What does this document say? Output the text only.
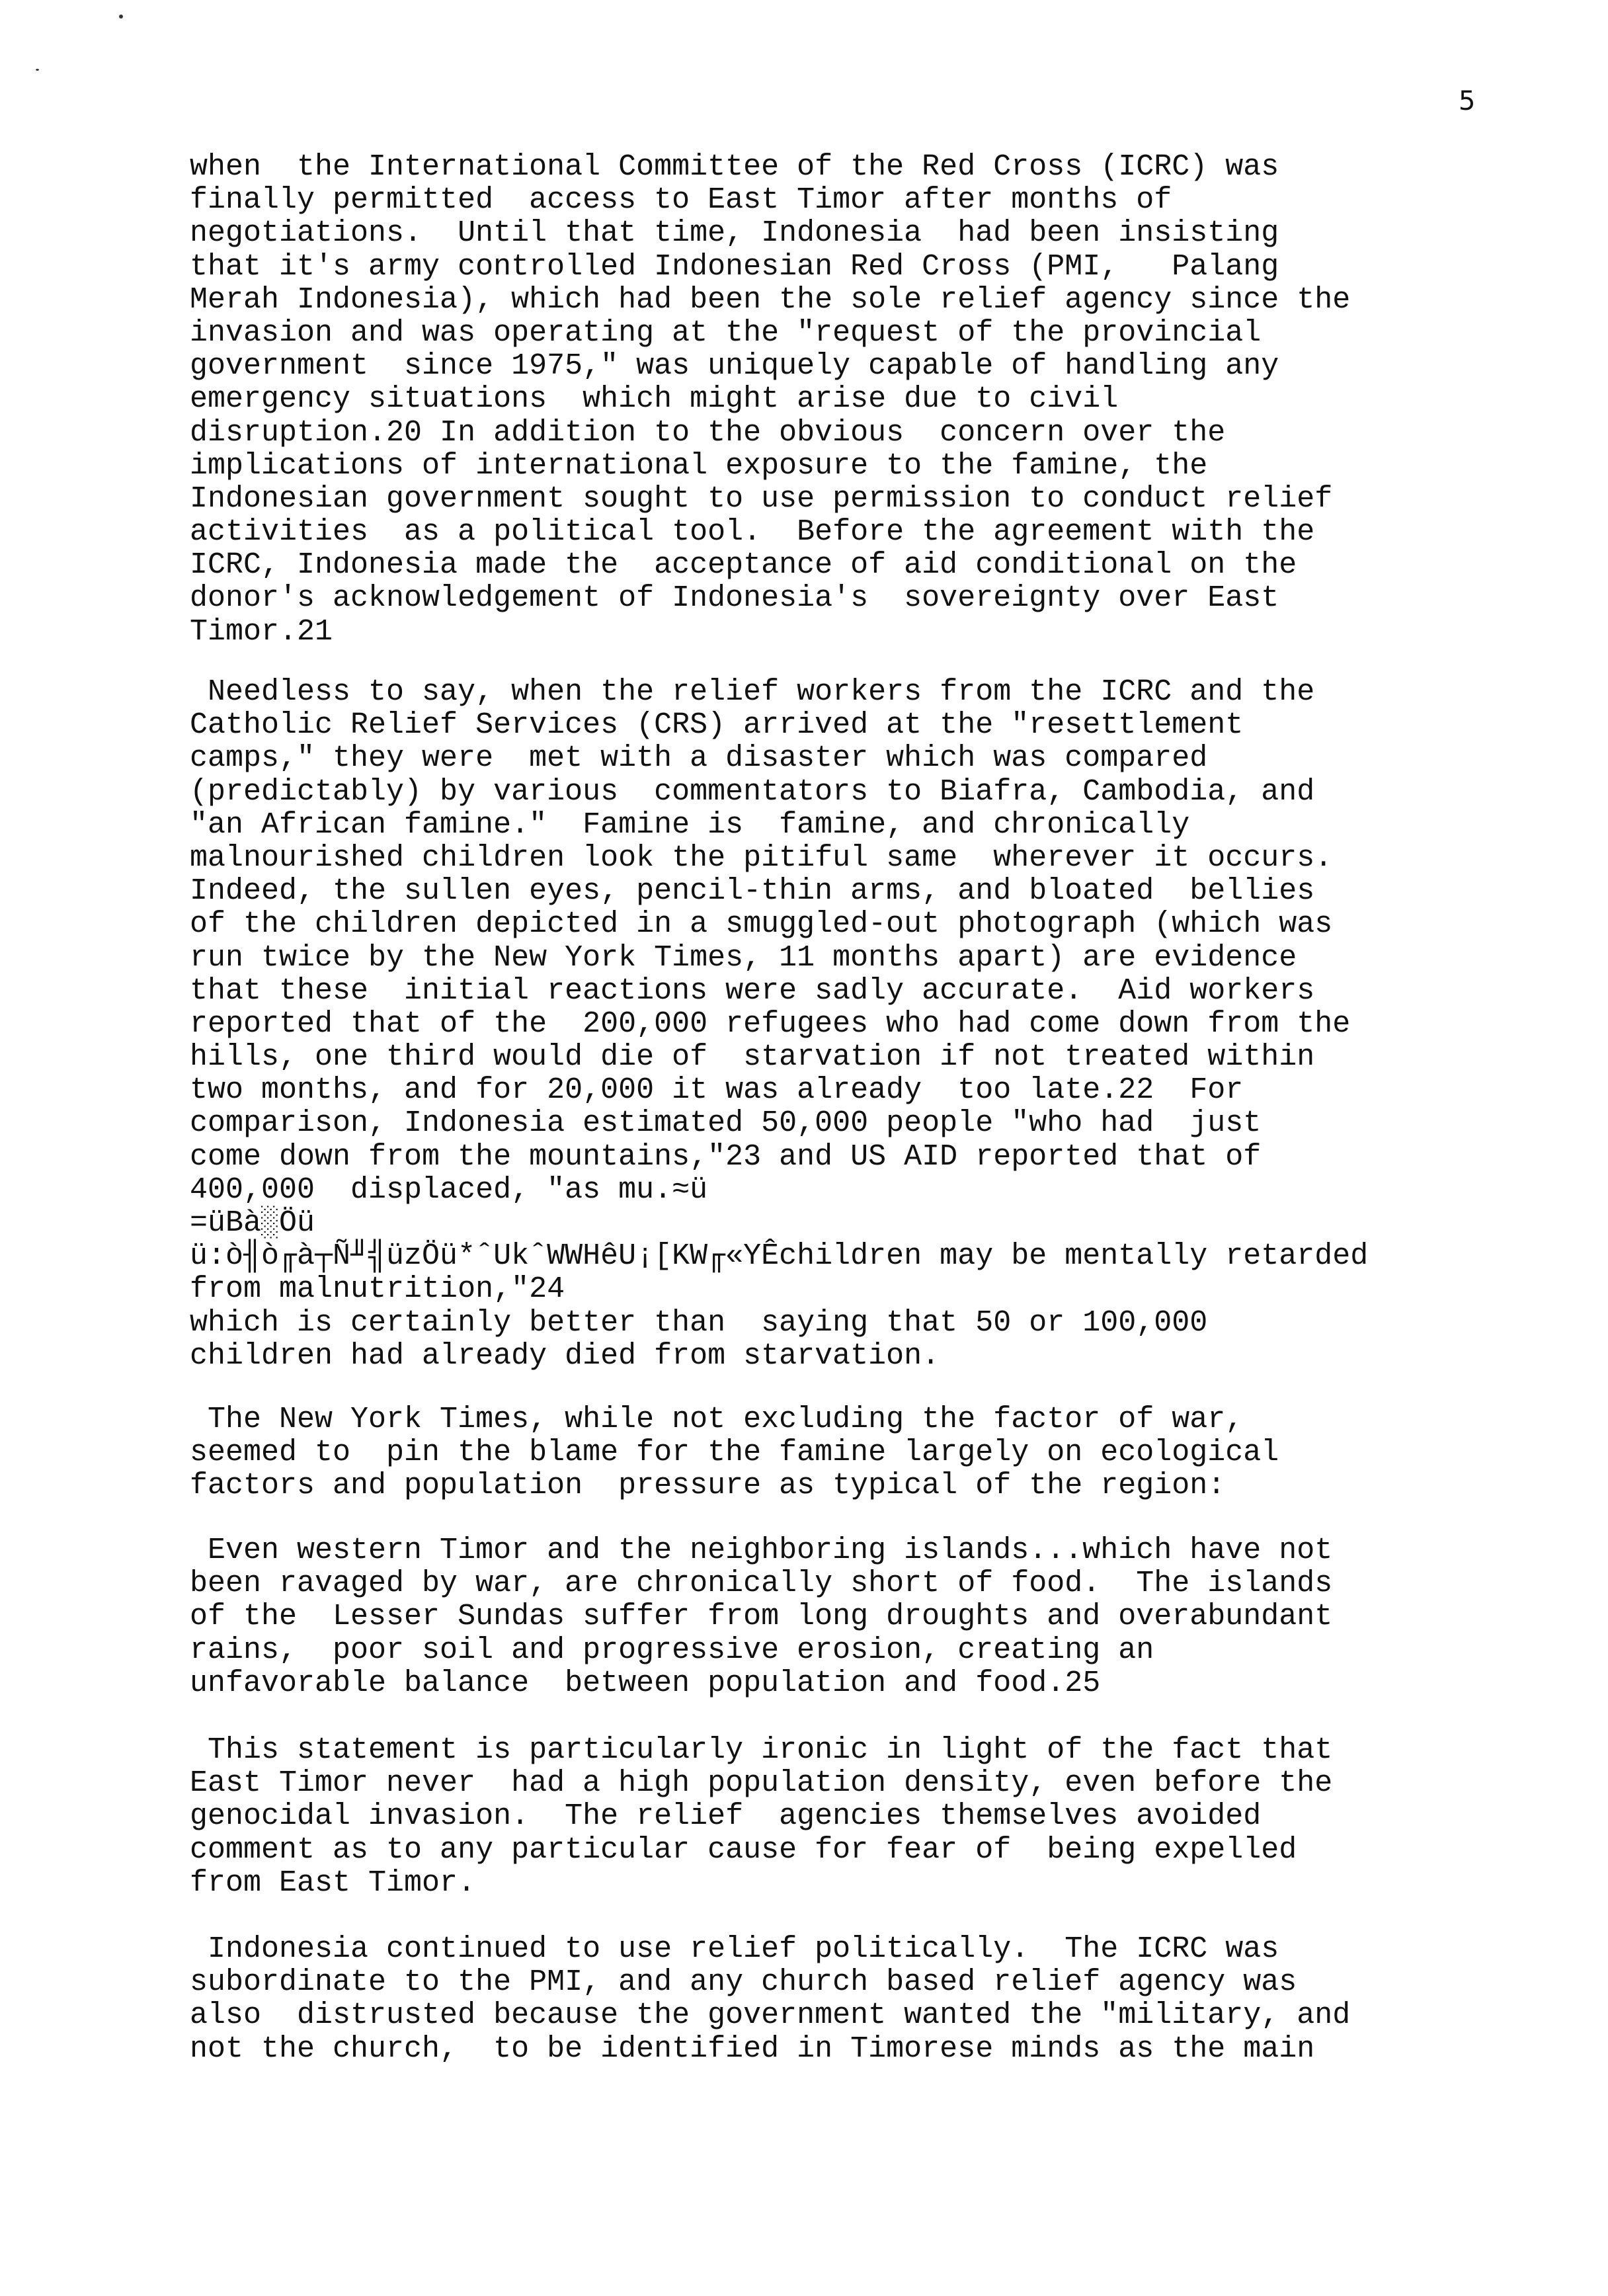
5
when  the International Committee of the Red Cross (ICRC) was
finally permitted  access to East Timor after months of
negotiations.  Until that time, Indonesia  had been insisting
that it's army controlled Indonesian Red Cross (PMI,   Palang
Merah Indonesia), which had been the sole relief agency since the
invasion and was operating at the "request of the provincial
government  since 1975," was uniquely capable of handling any
emergency situations  which might arise due to civil
disruption.20 In addition to the obvious  concern over the
implications of international exposure to the famine, the
Indonesian government sought to use permission to conduct relief
activities  as a political tool.  Before the agreement with the
ICRC, Indonesia made the  acceptance of aid conditional on the
donor's acknowledgement of Indonesia's  sovereignty over East
Timor.21
Needless to say, when the relief workers from the ICRC and the
Catholic Relief Services (CRS) arrived at the "resettlement
camps," they were  met with a disaster which was compared
(predictably) by various  commentators to Biafra, Cambodia, and
"an African famine."  Famine is  famine, and chronically
malnourished children look the pitiful same  wherever it occurs.
Indeed, the sullen eyes, pencil-thin arms, and bloated  bellies
of the children depicted in a smuggled-out photograph (which was
run twice by the New York Times, 11 months apart) are evidence
that these  initial reactions were sadly accurate.  Aid workers
reported that of the  200,000 refugees who had come down from the
hills, one third would die of  starvation if not treated within
two months, and for 20,000 it was already  too late.22  For
comparison, Indonesia estimated 50,000 people "who had  just
come down from the mountains,"23 and US AID reported that of
400,000  displaced, "as mu.≈ü
=üBà░Öü
ü:ò╢ò╓à┬Ñ╜╣üzÖü*ˆUkˆWWHêU¡[KW╓«YÊchildren may be mentally retarded
from malnutrition,"24
which is certainly better than  saying that 50 or 100,000
children had already died from starvation.
The New York Times, while not excluding the factor of war,
seemed to  pin the blame for the famine largely on ecological
factors and population  pressure as typical of the region:
Even western Timor and the neighboring islands...which have not
been ravaged by war, are chronically short of food.  The islands
of the  Lesser Sundas suffer from long droughts and overabundant
rains,  poor soil and progressive erosion, creating an
unfavorable balance  between population and food.25
This statement is particularly ironic in light of the fact that
East Timor never  had a high population density, even before the
genocidal invasion.  The relief  agencies themselves avoided
comment as to any particular cause for fear of  being expelled
from East Timor.
Indonesia continued to use relief politically.  The ICRC was
subordinate to the PMI, and any church based relief agency was
also  distrusted because the government wanted the "military, and
not the church,  to be identified in Timorese minds as the main
